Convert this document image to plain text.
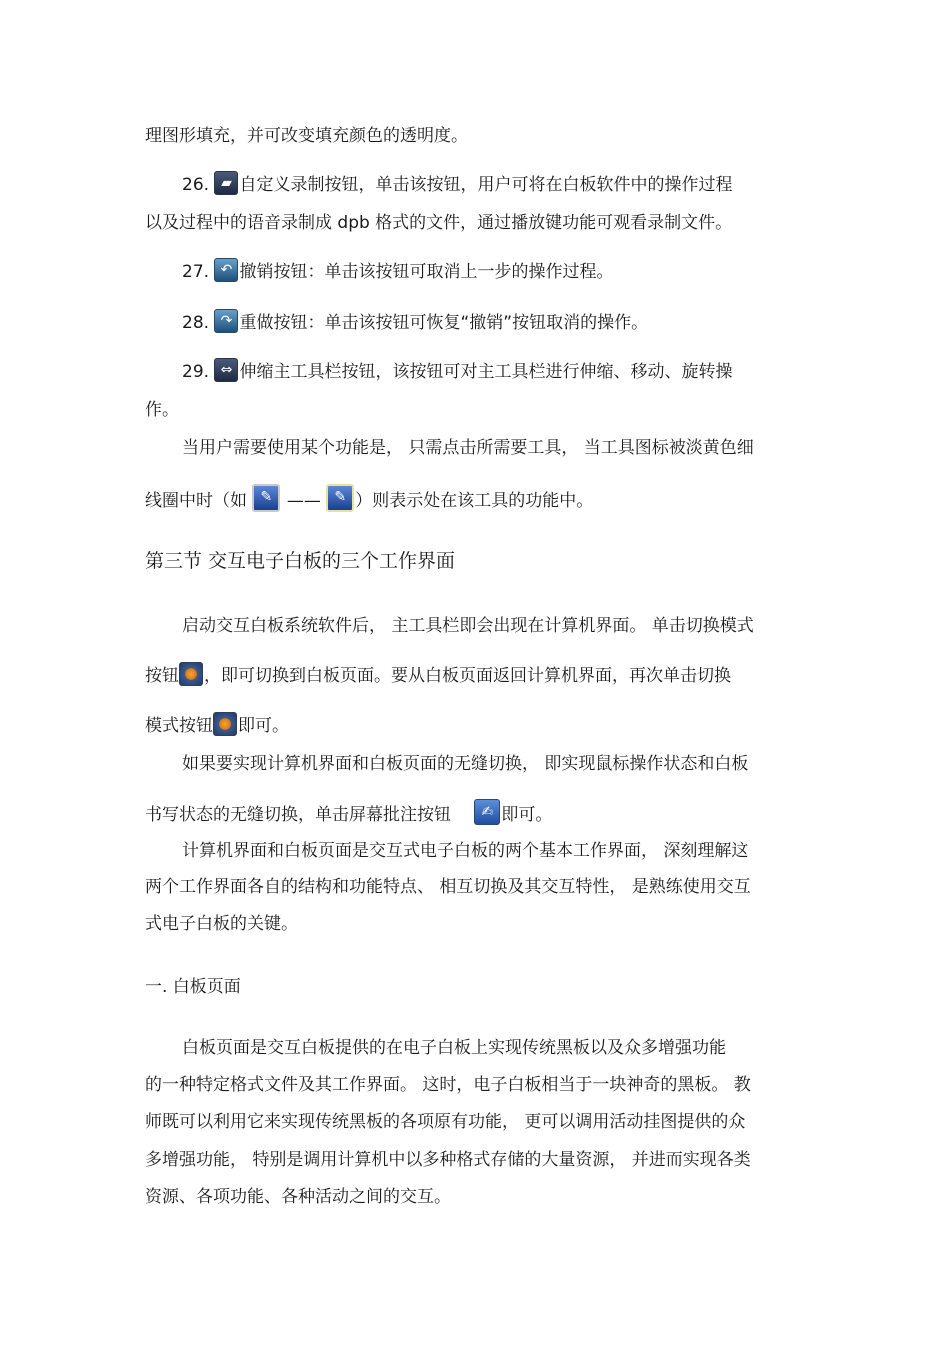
理图形填充，并可改变填充颜色的透明度。
26. ▰ 自定义录制按钮，单击该按钮，用户可将在白板软件中的操作过程
以及过程中的语音录制成 dpb 格式的文件，通过播放键功能可观看录制文件。
27. ↶ 撤销按钮：单击该按钮可取消上一步的操作过程。
28. ↷ 重做按钮：单击该按钮可恢复“撤销”按钮取消的操作。
29. ⇔ 伸缩主工具栏按钮，该按钮可对主工具栏进行伸缩、移动、旋转操
作。
当用户需要使用某个功能是， 只需点击所需要工具， 当工具图标被淡黄色细
线圈中时（如 ✎ —— ✎ ）则表示处在该工具的功能中。
第三节 交互电子白板的三个工作界面
启动交互白板系统软件后， 主工具栏即会出现在计算机界面。 单击切换模式
按钮 ，即可切换到白板页面。要从白板页面返回计算机界面，再次单击切换
模式按钮 即可。
如果要实现计算机界面和白板页面的无缝切换， 即实现鼠标操作状态和白板
书写状态的无缝切换，单击屏幕批注按钮	✍ 即可。
计算机界面和白板页面是交互式电子白板的两个基本工作界面， 深刻理解这
两个工作界面各自的结构和功能特点、 相互切换及其交互特性， 是熟练使用交互
式电子白板的关键。
一. 白板页面
白板页面是交互白板提供的在电子白板上实现传统黑板以及众多增强功能
的一种特定格式文件及其工作界面。 这时，电子白板相当于一块神奇的黑板。 教
师既可以利用它来实现传统黑板的各项原有功能， 更可以调用活动挂图提供的众
多增强功能， 特别是调用计算机中以多种格式存储的大量资源， 并进而实现各类
资源、各项功能、各种活动之间的交互。
